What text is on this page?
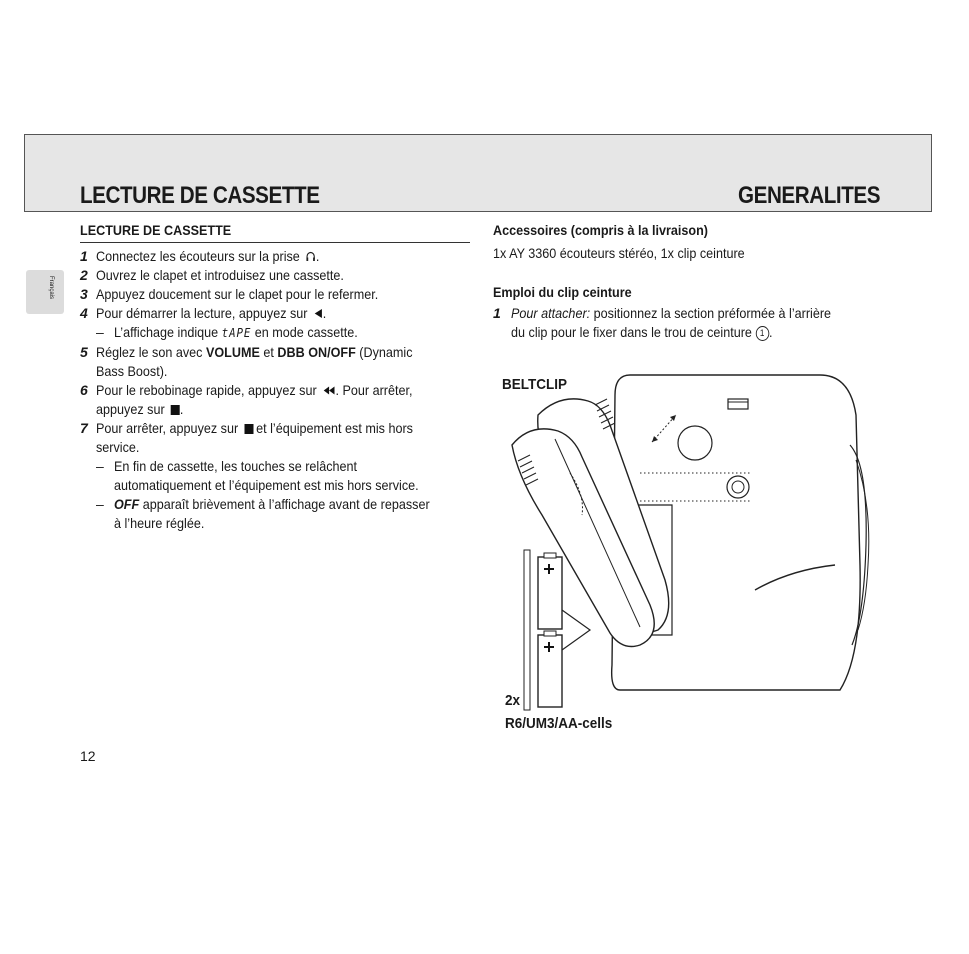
LECTURE DE CASSETTE	GENERALITES
Français
LECTURE DE CASSETTE
1 Connectez les écouteurs sur la prise .
2 Ouvrez le clapet et introduisez une cassette.
3 Appuyez doucement sur le clapet pour le refermer.
4 Pour démarrer la lecture, appuyez sur .
– L’affichage indique tAPE en mode cassette.
5 Réglez le son avec VOLUME et DBB ON/OFF (Dynamic
Bass Boost).
6 Pour le rebobinage rapide, appuyez sur . Pour arrêter,
appuyez sur .
7 Pour arrêter, appuyez sur et l’équipement est mis hors
service.
– En fin de cassette, les touches se relâchent
automatiquement et l’équipement est mis hors service.
– OFF apparaît brièvement à l’affichage avant de repasser
à l’heure réglée.
Accessoires (compris à la livraison)
1x AY 3360 écouteurs stéréo, 1x clip ceinture
Emploi du clip ceinture
1 Pour attacher: positionnez la section préformée à l’arrière
du clip pour le fixer dans le trou de ceinture 1 .
BELTCLIP
2x
R6/UM3/AA-cells
12
